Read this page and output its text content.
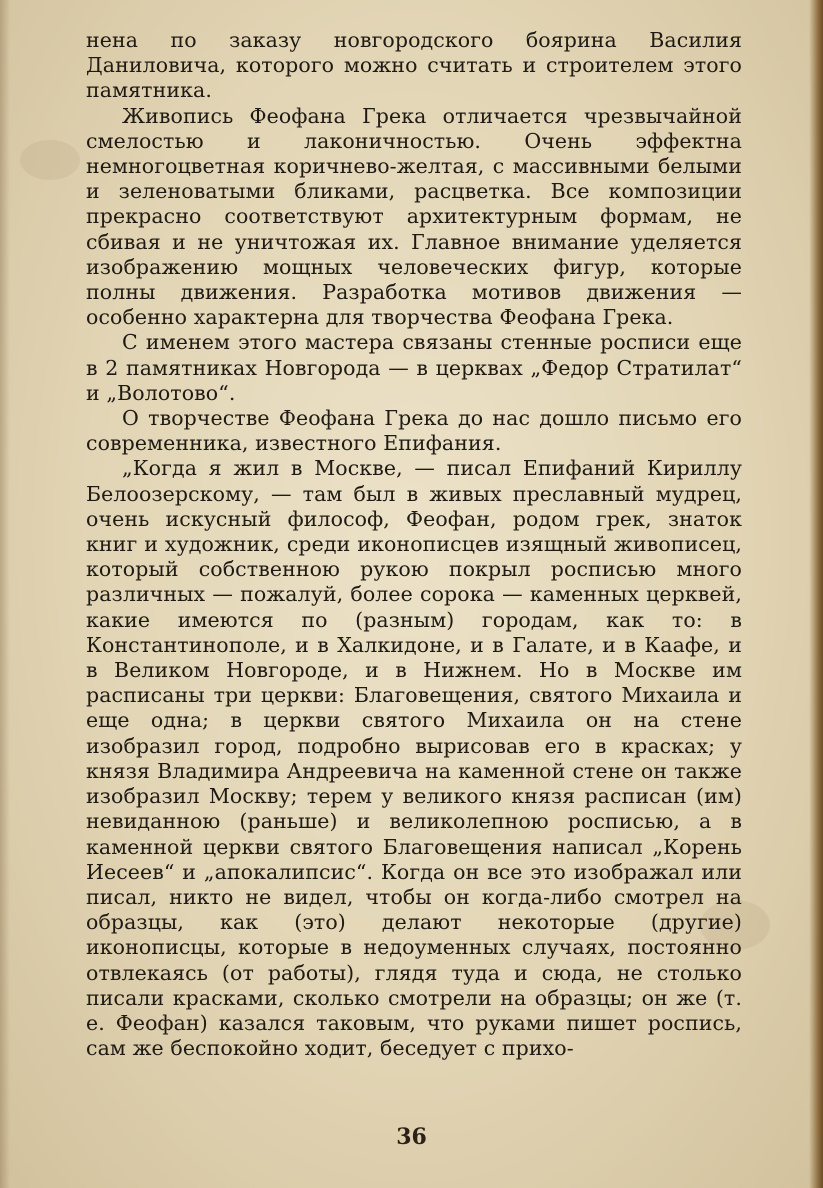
нена по заказу новгородского боярина Василия Даниловича, которого можно считать и строителем этого памятника.

Живопись Феофана Грека отличается чрезвычайной смелостью и лаконичностью. Очень эффектна немногоцветная коричнево-желтая, с массивными белыми и зеленоватыми бликами, расцветка. Все композиции прекрасно соответствуют архитектурным формам, не сбивая и не уничтожая их. Главное внимание уделяется изображению мощных человеческих фигур, которые полны движения. Разработка мотивов движения — особенно характерна для творчества Феофана Грека.

С именем этого мастера связаны стенные росписи еще в 2 памятниках Новгорода — в церквах „Федор Стратилат“ и „Волотово“.

О творчестве Феофана Грека до нас дошло письмо его современника, известного Епифания.

„Когда я жил в Москве, — писал Епифаний Кириллу Белоозерскому, — там был в живых преславный мудрец, очень искусный философ, Феофан, родом грек, знаток книг и художник, среди иконописцев изящный живописец, который собственною рукою покрыл росписью много различных — пожалуй, более сорока — каменных церквей, какие имеются по (разным) городам, как то: в Константинополе, и в Халкидоне, и в Галате, и в Каафе, и в Великом Новгороде, и в Нижнем. Но в Москве им расписаны три церкви: Благовещения, святого Михаила и еще одна; в церкви святого Михаила он на стене изобразил город, подробно вырисовав его в красках; у князя Владимира Андреевича на каменной стене он также изобразил Москву; терем у великого князя расписан (им) невиданною (раньше) и великолепною росписью, а в каменной церкви святого Благовещения написал „Корень Иесеев“ и „апокалипсис“. Когда он все это изображал или писал, никто не видел, чтобы он когда-либо смотрел на образцы, как (это) делают некоторые (другие) иконописцы, которые в недоуменных случаях, постоянно отвлекаясь (от работы), глядя туда и сюда, не столько писали красками, сколько смотрели на образцы; он же (т. е. Феофан) казался таковым, что руками пишет роспись, сам же беспокойно ходит, беседует с прихо-

36
